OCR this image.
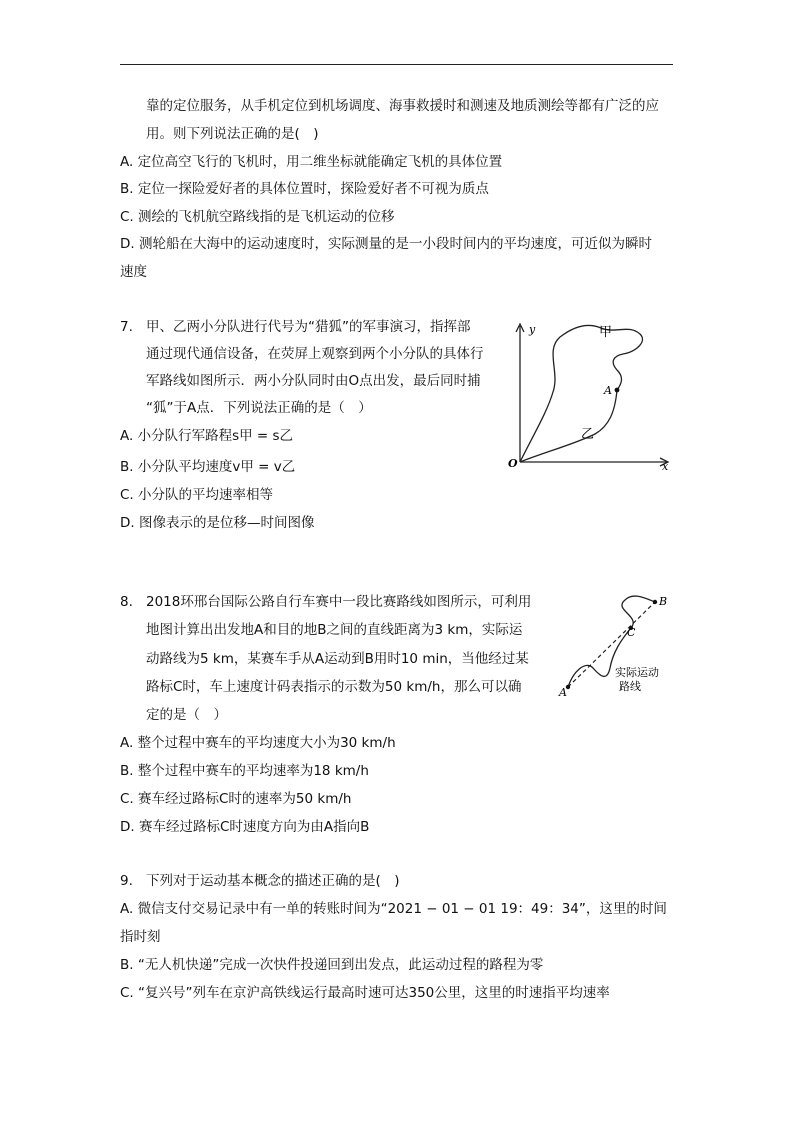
靠的定位服务，从手机定位到机场调度、海事救援时和测速及地质测绘等都有广泛的应
用。则下列说法正确的是(　)
A. 定位高空飞行的飞机时，用二维坐标就能确定飞机的具体位置
B. 定位一探险爱好者的具体位置时，探险爱好者不可视为质点
C. 测绘的飞机航空路线指的是飞机运动的位移
D. 测轮船在大海中的运动速度时，实际测量的是一小段时间内的平均速度，可近似为瞬时
速度
7. 甲、乙两小分队进行代号为“猎狐”的军事演习，指挥部
通过现代通信设备，在荧屏上观察到两个小分队的具体行
军路线如图所示．两小分队同时由O点出发，最后同时捕
“狐”于A点．下列说法正确的是（　）
A. 小分队行军路程s甲 = s乙
B. 小分队平均速度v甲 = v乙
C. 小分队的平均速率相等
D. 图像表示的是位移—时间图像
y
x
O
A
甲
乙
8. 2018环邢台国际公路自行车赛中一段比赛路线如图所示，可利用
地图计算出出发地A和目的地B之间的直线距离为3 km，实际运
动路线为5 km，某赛车手从A运动到B用时10 min，当他经过某
路标C时，车上速度计码表指示的示数为50 km/h，那么可以确
定的是（　）
A. 整个过程中赛车的平均速度大小为30 km/h
B. 整个过程中赛车的平均速率为18 km/h
C. 赛车经过路标C时的速率为50 km/h
D. 赛车经过路标C时速度方向为由A指向B
A
B
C
实际运动
路线
9. 下列对于运动基本概念的描述正确的是(　)
A. 微信支付交易记录中有一单的转账时间为“2021 − 01 − 01 19：49：34”，这里的时间
指时刻
B. “无人机快递”完成一次快件投递回到出发点，此运动过程的路程为零
C. “复兴号”列车在京沪高铁线运行最高时速可达350公里，这里的时速指平均速率
